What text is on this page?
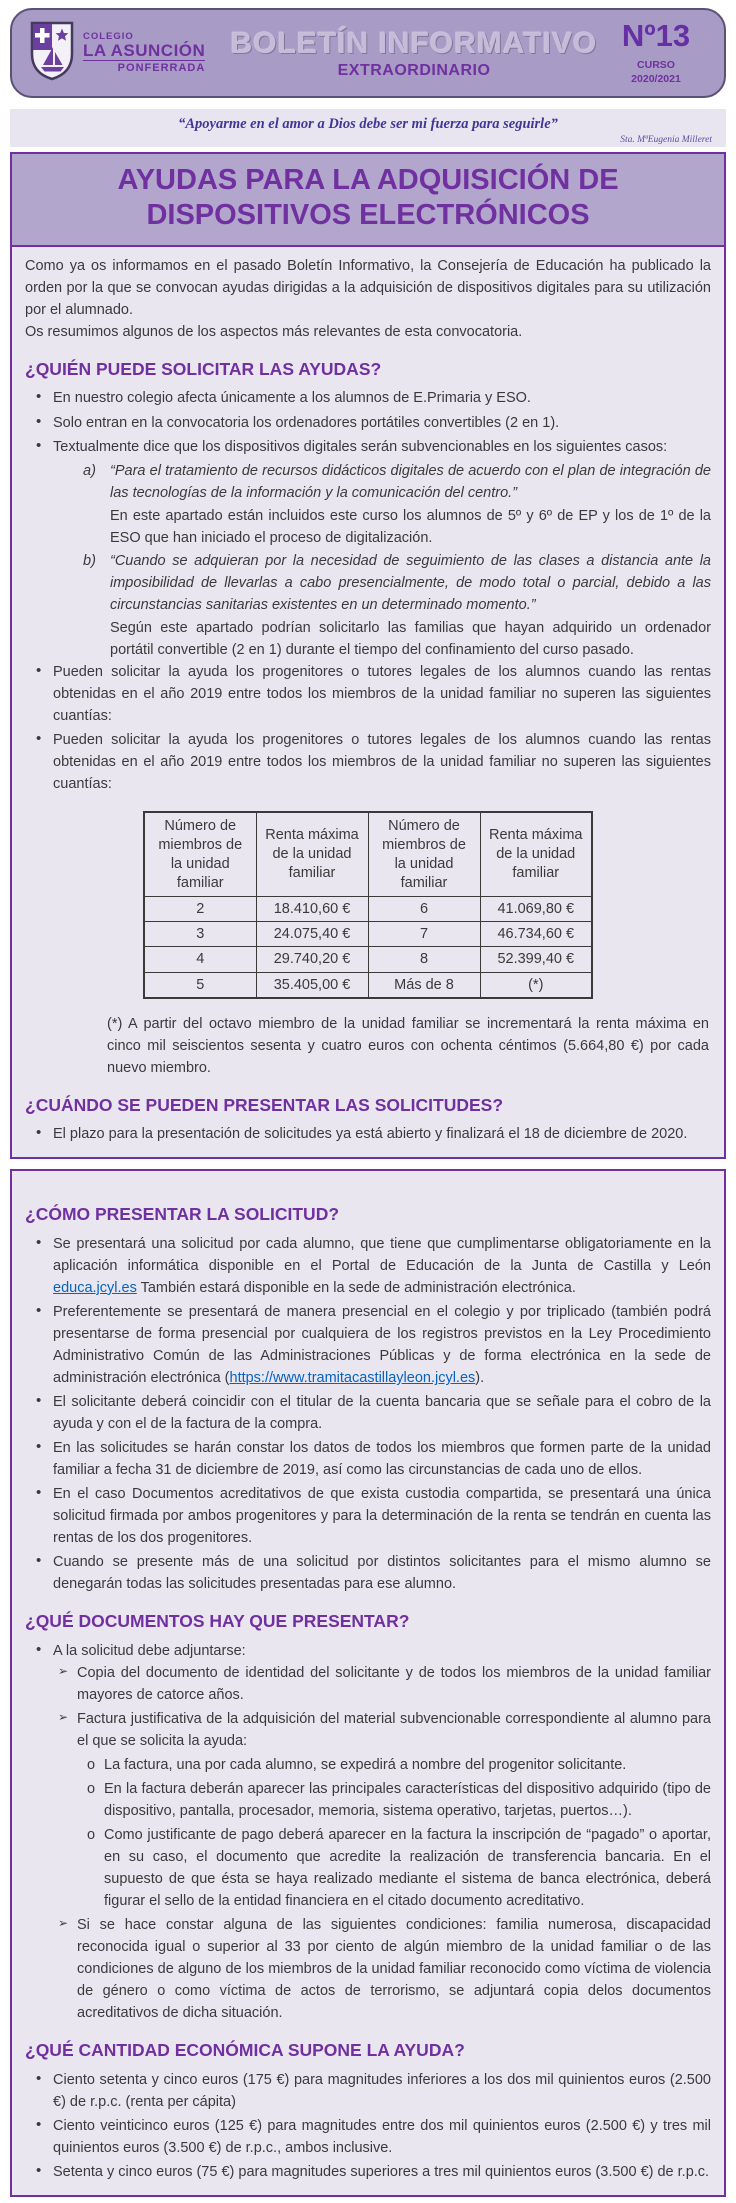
COLEGIO
LA ASUNCIÓN
PONFERRADA
BOLETÍN INFORMATIVO
EXTRAORDINARIO
Nº13
CURSO
2020/2021
“Apoyarme en el amor a Dios debe ser mi fuerza para seguirle”
Sta. MªEugenia Milleret
AYUDAS PARA LA ADQUISICIÓN DE DISPOSITIVOS ELECTRÓNICOS

Como ya os informamos en el pasado Boletín Informativo, la Consejería de Educación ha publicado la orden por la que se convocan ayudas dirigidas a la adquisición de dispositivos digitales para su utilización por el alumnado.

Os resumimos algunos de los aspectos más relevantes de esta convocatoria.

¿QUIÉN PUEDE SOLICITAR LAS AYUDAS?
• En nuestro colegio afecta únicamente a los alumnos de E.Primaria y ESO.
• Solo entran en la convocatoria los ordenadores portátiles convertibles (2 en 1).
• Textualmente dice que los dispositivos digitales serán subvencionables en los siguientes casos:
a) “Para el tratamiento de recursos didácticos digitales de acuerdo con el plan de integración de las tecnologías de la información y la comunicación del centro.”
En este apartado están incluidos este curso los alumnos de 5º y 6º de EP y los de 1º de la ESO que han iniciado el proceso de digitalización.
b) “Cuando se adquieran por la necesidad de seguimiento de las clases a distancia ante la imposibilidad de llevarlas a cabo presencialmente, de modo total o parcial, debido a las circunstancias sanitarias existentes en un determinado momento.”
Según este apartado podrían solicitarlo las familias que hayan adquirido un ordenador portátil convertible (2 en 1) durante el tiempo del confinamiento del curso pasado.
• Pueden solicitar la ayuda los progenitores o tutores legales de los alumnos cuando las rentas obtenidas en el año 2019 entre todos los miembros de la unidad familiar no superen las siguientes cuantías:
• Pueden solicitar la ayuda los progenitores o tutores legales de los alumnos cuando las rentas obtenidas en el año 2019 entre todos los miembros de la unidad familiar no superen las siguientes cuantías:
Número de miembros de la unidad familiar	Renta máxima de la unidad familiar	Número de miembros de la unidad familiar	Renta máxima de la unidad familiar
2	18.410,60 €	6	41.069,80 €
3	24.075,40 €	7	46.734,60 €
4	29.740,20 €	8	52.399,40 €
5	35.405,00 €	Más de 8	(*)
(*) A partir del octavo miembro de la unidad familiar se incrementará la renta máxima en cinco mil seiscientos sesenta y cuatro euros con ochenta céntimos (5.664,80 €) por cada nuevo miembro.
¿CUÁNDO SE PUEDEN PRESENTAR LAS SOLICITUDES?
• El plazo para la presentación de solicitudes ya está abierto y finalizará el 18 de diciembre de 2020.
¿CÓMO PRESENTAR LA SOLICITUD?
• Se presentará una solicitud por cada alumno, que tiene que cumplimentarse obligatoriamente en la aplicación informática disponible en el Portal de Educación de la Junta de Castilla y León educa.jcyl.es También estará disponible en la sede de administración electrónica.
• Preferentemente se presentará de manera presencial en el colegio y por triplicado (también podrá presentarse de forma presencial por cualquiera de los registros previstos en la Ley Procedimiento Administrativo Común de las Administraciones Públicas y de forma electrónica en la sede de administración electrónica (https://www.tramitacastillayleon.jcyl.es).
• El solicitante deberá coincidir con el titular de la cuenta bancaria que se señale para el cobro de la ayuda y con el de la factura de la compra.
• En las solicitudes se harán constar los datos de todos los miembros que formen parte de la unidad familiar a fecha 31 de diciembre de 2019, así como las circunstancias de cada uno de ellos.
• En el caso Documentos acreditativos de que exista custodia compartida, se presentará una única solicitud firmada por ambos progenitores y para la determinación de la renta se tendrán en cuenta las rentas de los dos progenitores.
• Cuando se presente más de una solicitud por distintos solicitantes para el mismo alumno se denegarán todas las solicitudes presentadas para ese alumno.
¿QUÉ DOCUMENTOS HAY QUE PRESENTAR?
• A la solicitud debe adjuntarse:
➢ Copia del documento de identidad del solicitante y de todos los miembros de la unidad familiar mayores de catorce años.
➢ Factura justificativa de la adquisición del material subvencionable correspondiente al alumno para el que se solicita la ayuda:
o La factura, una por cada alumno, se expedirá a nombre del progenitor solicitante.
o En la factura deberán aparecer las principales características del dispositivo adquirido (tipo de dispositivo, pantalla, procesador, memoria, sistema operativo, tarjetas, puertos…).
o Como justificante de pago deberá aparecer en la factura la inscripción de “pagado” o aportar, en su caso, el documento que acredite la realización de transferencia bancaria. En el supuesto de que ésta se haya realizado mediante el sistema de banca electrónica, deberá figurar el sello de la entidad financiera en el citado documento acreditativo.
➢ Si se hace constar alguna de las siguientes condiciones: familia numerosa, discapacidad reconocida igual o superior al 33 por ciento de algún miembro de la unidad familiar o de las condiciones de alguno de los miembros de la unidad familiar reconocido como víctima de violencia de género o como víctima de actos de terrorismo, se adjuntará copia delos documentos acreditativos de dicha situación.
¿QUÉ CANTIDAD ECONÓMICA SUPONE LA AYUDA?
• Ciento setenta y cinco euros (175 €) para magnitudes inferiores a los dos mil quinientos euros (2.500 €) de r.p.c. (renta per cápita)
• Ciento veinticinco euros (125 €) para magnitudes entre dos mil quinientos euros (2.500 €) y tres mil quinientos euros (3.500 €) de r.p.c., ambos inclusive.
• Setenta y cinco euros (75 €) para magnitudes superiores a tres mil quinientos euros (3.500 €) de r.p.c.
